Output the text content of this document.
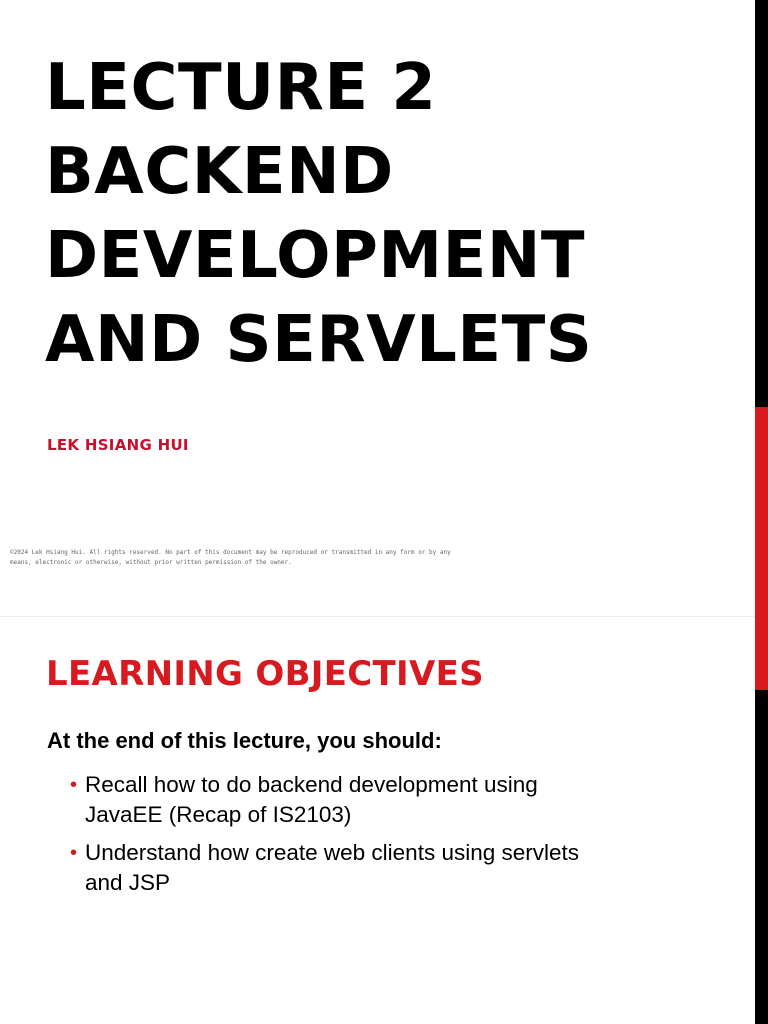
LECTURE 2
BACKEND
DEVELOPMENT
AND SERVLETS

LEK HSIANG HUI

©2024 Lek Hsiang Hui. All rights reserved. No part of this document may be reproduced or transmitted in any form or by any
means, electronic or otherwise, without prior written permission of the owner.

LEARNING OBJECTIVES

At the end of this lecture, you should:

• Recall how to do backend development using
JavaEE (Recap of IS2103)
• Understand how create web clients using servlets
and JSP
